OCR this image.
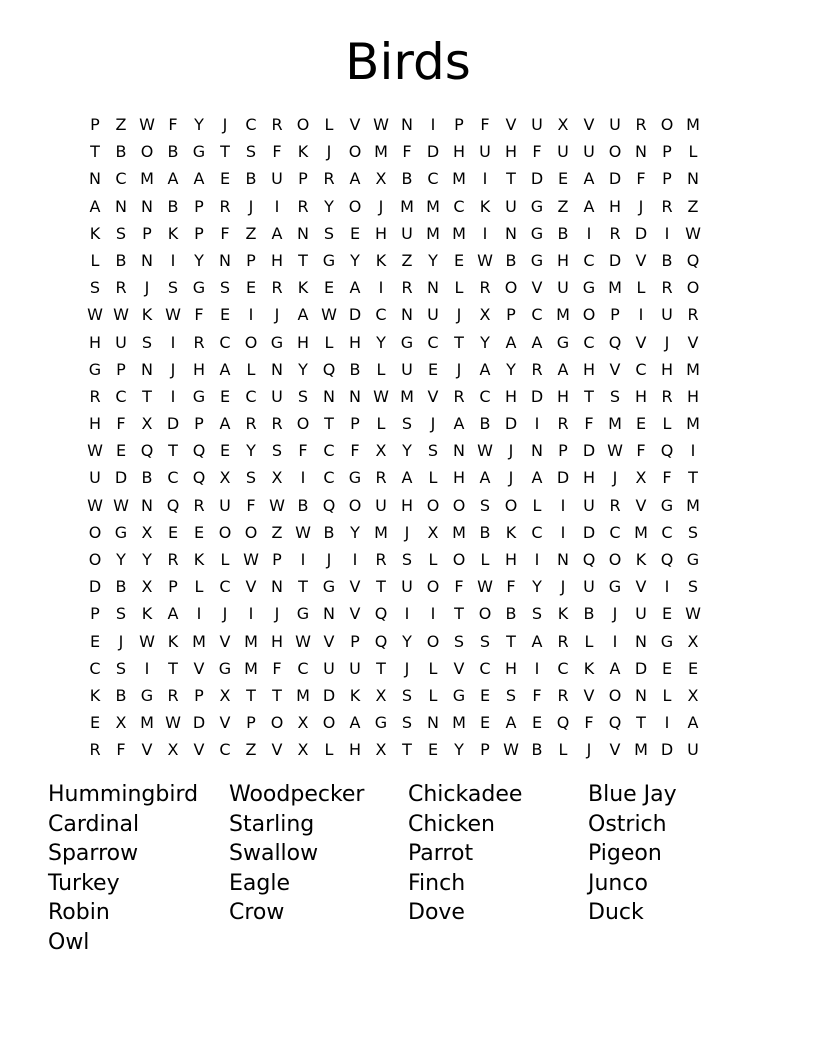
Birds
P Z W F	Y	J	C R O L	V W N	I	P	F V U X V U R O M
T B O B G T	S	F	K	J	O M F D H U H F U U O N P	L
N C M A A E B U P R A X B C M	I	T D E A D F	P N
A N N B P R	J	I	R Y O	J	M M C K U G Z A H	J	R Z
K S	P K P	F Z A N S E H U M M	I	N G B	I	R D	I W
L	B N	I	Y N P H T G Y K Z Y	E W B G H C D V B Q
S R	J	S G S E R K E A	I	R N L R O V U G M L R O
W W K W F	E	I	J	A W D C N U	J	X P C M O P	I	U R
H U S	I	R C O G H L H Y G C T	Y A A G C Q V	J	V
G P N	J	H A	L N Y Q B	L U E	J	A Y R A H V C H M
R C T	I	G E C U S N N W M V R C H D H T	S H R H
H F X D P A R R O T	P	L	S	J	A B D	I	R F M E	L M
W E Q T Q E	Y	S	F C F X Y	S N W J	N P D W F Q	I
U D B C Q X S X	I	C G R A	L H A	J	A D H	J	X F	T
W W N Q R U F W B Q O U H O O S O L	I	U R V G M
O G X E E O O Z W B Y M	J	X M B K C	I	D C M C S
O Y	Y R K	L W P	I	J	I	R S	L O L H	I	N Q O K Q G
D B X P	L C V N T G V T U O F W F	Y	J	U G V	I	S
P	S K A	I	J	I	J	G N V Q	I	I	T O B S K B	J	U E W
E	J W K M V M H W V P Q Y O S S	T A R L	I	N G X
C S	I	T V G M F C U U T	J	L	V C H	I	C K A D E E
K B G R P X T	T M D K X S	L G E S	F R V O N L	X
E X M W D V P O X O A G S N M E A E Q F Q T	I	A
R F V X V C Z V X	L H X T	E	Y	P W B	L	J	V M D U
Hummingbird Woodpecker Chickadee	Blue Jay
Cardinal	Starling	Chicken	Ostrich
Sparrow	Swallow	Parrot	Pigeon
Turkey	Eagle	Finch	Junco
Robin	Crow	Dove	Duck
Owl
